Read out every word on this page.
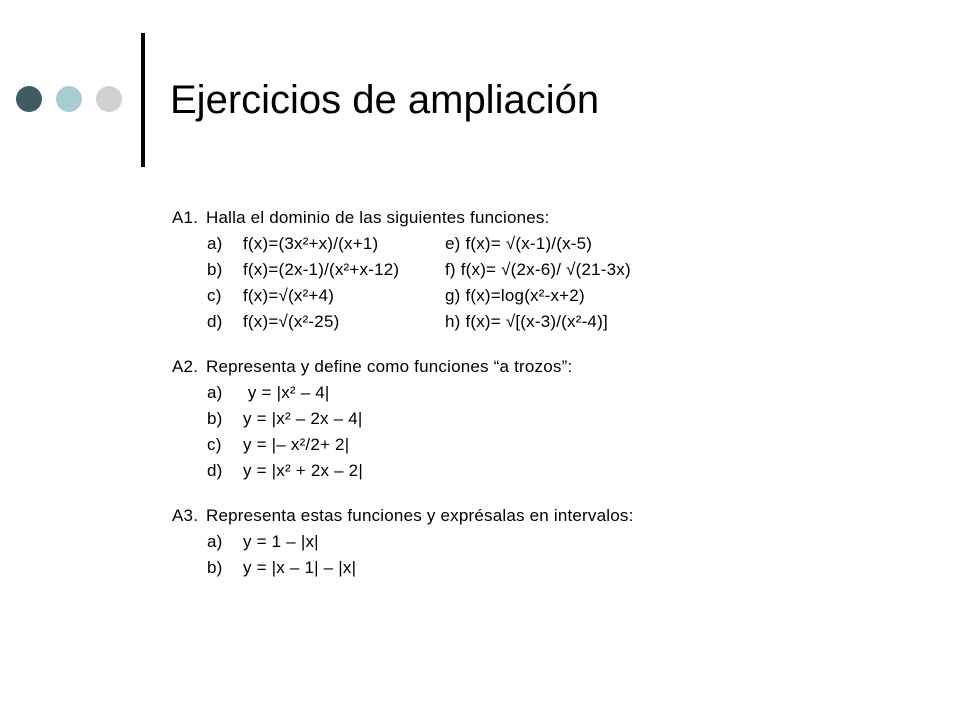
Ejercicios de ampliación
A1. Halla el dominio de las siguientes funciones:
a) f(x)=(3x²+x)/(x+1)	e) f(x)= √(x-1)/(x-5)
b) f(x)=(2x-1)/(x²+x-12)	f) f(x)= √(2x-6)/ √(21-3x)
c) f(x)=√(x²+4)	g) f(x)=log(x²-x+2)
d) f(x)=√(x²-25)	h) f(x)= √[(x-3)/(x²-4)]
A2. Representa y define como funciones “a trozos”:
a) y = |x² – 4|
b) y = |x² – 2x – 4|
c) y = |– x²/2+ 2|
d) y = |x² + 2x – 2|
A3. Representa estas funciones y exprésalas en intervalos:
a) y = 1 – |x|
b) y = |x – 1| – |x|
